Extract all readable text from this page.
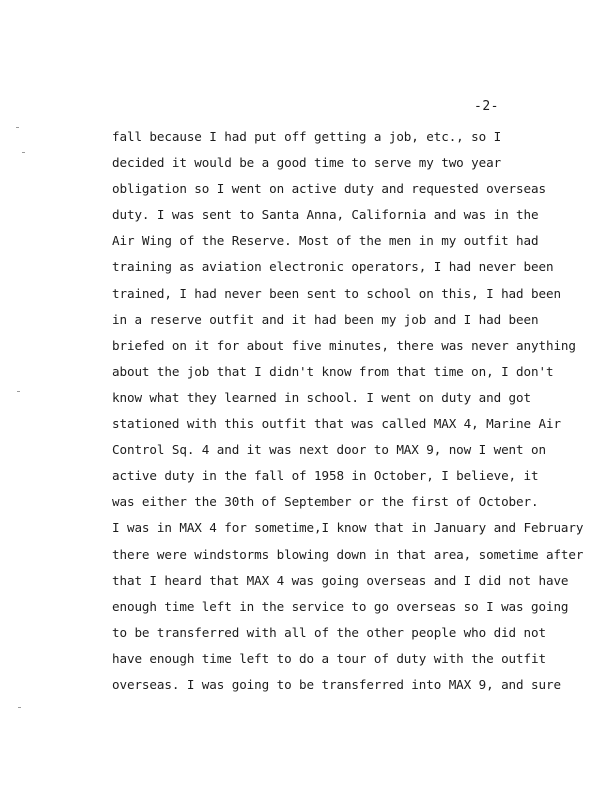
-2-
fall because I had put off getting a job, etc., so I
decided it would be a good time to serve my two year
obligation so I went on active duty and requested overseas
duty. I was sent to Santa Anna, California and was in the
Air Wing of the Reserve. Most of the men in my outfit had
training as aviation electronic operators, I had never been
trained, I had never been sent to school on this, I had been
in a reserve outfit and it had been my job and I had been
briefed on it for about five minutes, there was never anything
about the job that I didn't know from that time on, I don't
know what they learned in school. I went on duty and got
stationed with this outfit that was called MAX 4, Marine Air
Control Sq. 4 and it was next door to MAX 9, now I went on
active duty in the fall of 1958 in October, I believe, it
was either the 30th of September or the first of October.
I was in MAX 4 for sometime,I know that in January and February
there were windstorms blowing down in that area, sometime after
that I heard that MAX 4 was going overseas and I did not have
enough time left in the service to go overseas so I was going
to be transferred with all of the other people who did not
have enough time left to do a tour of duty with the outfit
overseas. I was going to be transferred into MAX 9, and sure
